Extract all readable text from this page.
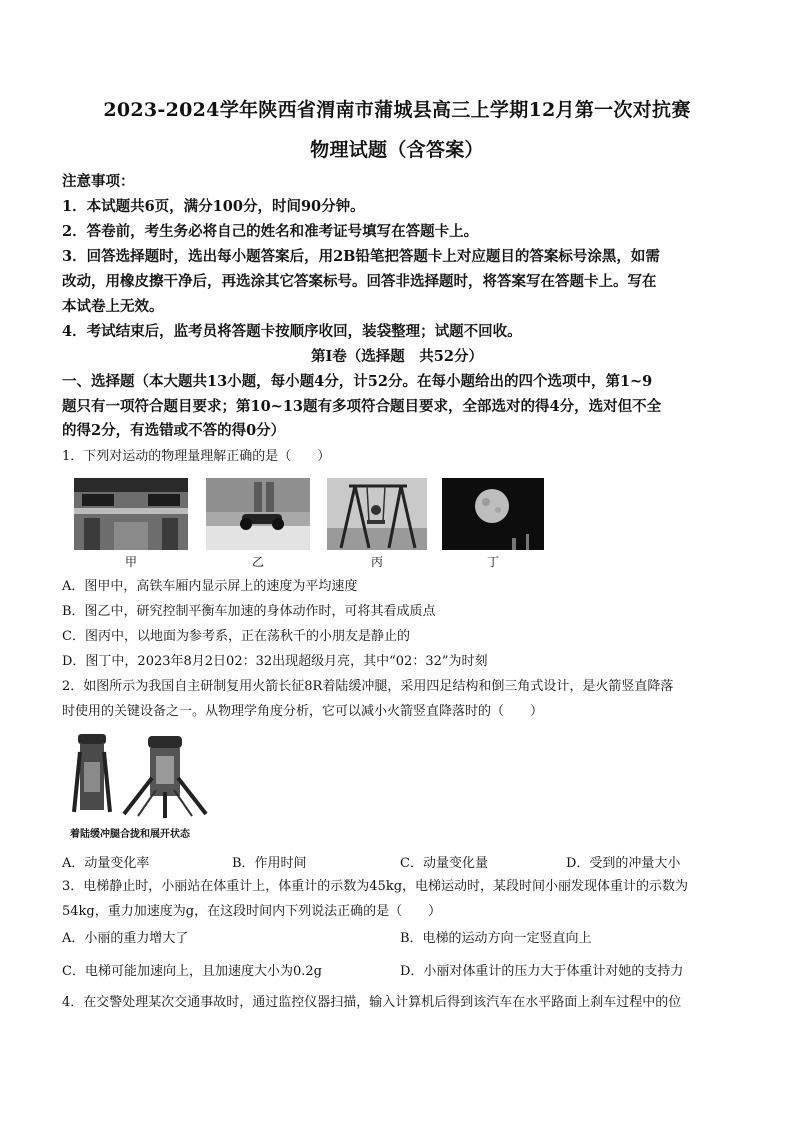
2023-2024学年陕西省渭南市蒲城县高三上学期12月第一次对抗赛
物理试题（含答案）
注意事项：
1．本试题共6页，满分100分，时间90分钟。
2．答卷前，考生务必将自己的姓名和准考证号填写在答题卡上。
3．回答选择题时，选出每小题答案后，用2B铅笔把答题卡上对应题目的答案标号涂黑，如需
改动，用橡皮擦干净后，再选涂其它答案标号。回答非选择题时，将答案写在答题卡上。写在
本试卷上无效。
4．考试结束后，监考员将答题卡按顺序收回，装袋整理；试题不回收。
第Ⅰ卷（选择题　共52分）
一、选择题（本大题共13小题，每小题4分，计52分。在每小题给出的四个选项中，第1~9
题只有一项符合题目要求；第10~13题有多项符合题目要求，全部选对的得4分，选对但不全
的得2分，有选错或不答的得0分）
1．下列对运动的物理量理解正确的是（　　）
甲	乙	丙	丁
A．图甲中，高铁车厢内显示屏上的速度为平均速度
B．图乙中，研究控制平衡车加速的身体动作时，可将其看成质点
C．图丙中，以地面为参考系，正在荡秋千的小朋友是静止的
D．图丁中，2023年8月2日02：32出现超级月亮，其中“02：32”为时刻
2．如图所示为我国自主研制复用火箭长征8R着陆缓冲腿，采用四足结构和倒三角式设计，是火箭竖直降落
时使用的关键设备之一。从物理学角度分析，它可以减小火箭竖直降落时的（　　）
着陆缓冲腿合拢和展开状态
A．动量变化率	B．作用时间	C．动量变化量	D．受到的冲量大小
3．电梯静止时，小丽站在体重计上，体重计的示数为45kg，电梯运动时，某段时间小丽发现体重计的示数为
54kg，重力加速度为g，在这段时间内下列说法正确的是（　　）
A．小丽的重力增大了	B．电梯的运动方向一定竖直向上
C．电梯可能加速向上，且加速度大小为0.2g	D．小丽对体重计的压力大于体重计对她的支持力
4．在交警处理某次交通事故时，通过监控仪器扫描，输入计算机后得到该汽车在水平路面上刹车过程中的位
